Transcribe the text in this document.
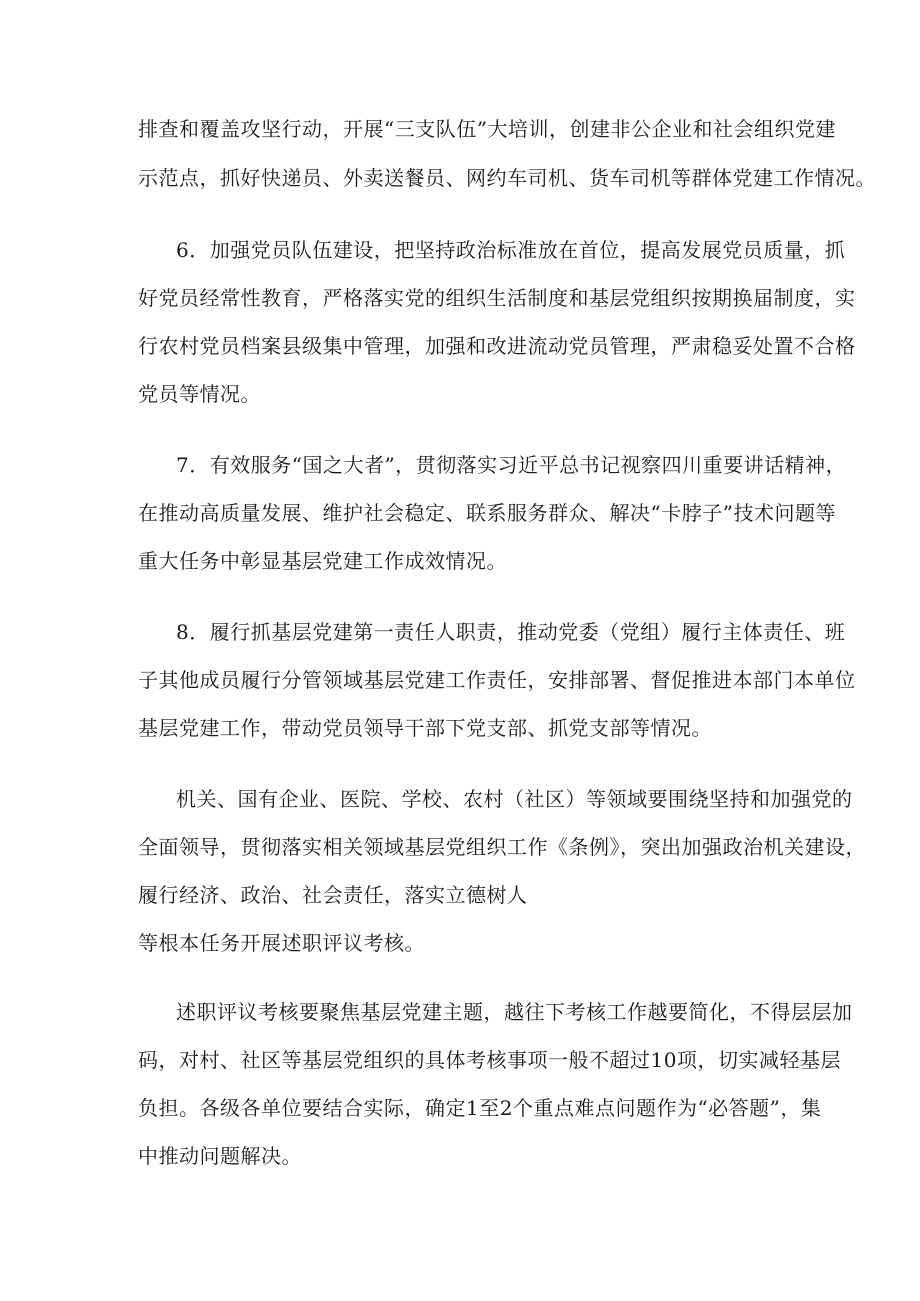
排查和覆盖攻坚行动，开展“三支队伍”大培训，创建非公企业和社会组织党建
示范点，抓好快递员、外卖送餐员、网约车司机、货车司机等群体党建工作情况。
6．加强党员队伍建设，把坚持政治标准放在首位，提高发展党员质量，抓
好党员经常性教育，严格落实党的组织生活制度和基层党组织按期换届制度，实
行农村党员档案县级集中管理，加强和改进流动党员管理，严肃稳妥处置不合格
党员等情况。
7．有效服务“国之大者”，贯彻落实习近平总书记视察四川重要讲话精神，
在推动高质量发展、维护社会稳定、联系服务群众、解决“卡脖子”技术问题等
重大任务中彰显基层党建工作成效情况。
8．履行抓基层党建第一责任人职责，推动党委（党组）履行主体责任、班
子其他成员履行分管领域基层党建工作责任，安排部署、督促推进本部门本单位
基层党建工作，带动党员领导干部下党支部、抓党支部等情况。
机关、国有企业、医院、学校、农村（社区）等领域要围绕坚持和加强党的
全面领导，贯彻落实相关领域基层党组织工作《条例》，突出加强政治机关建设，
履行经济、政治、社会责任，落实立德树人
等根本任务开展述职评议考核。
述职评议考核要聚焦基层党建主题，越往下考核工作越要简化，不得层层加
码，对村、社区等基层党组织的具体考核事项一般不超过10项，切实减轻基层
负担。各级各单位要结合实际，确定1至2个重点难点问题作为“必答题”，集
中推动问题解决。
